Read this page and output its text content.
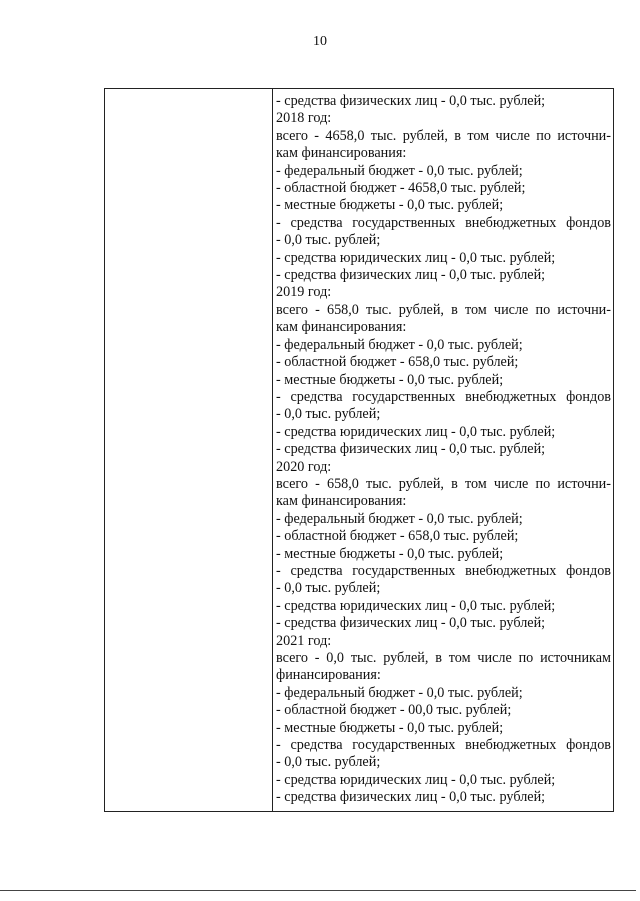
10
- средства физических лиц - 0,0 тыс. рублей;
2018 год:
всего - 4658,0 тыс. рублей, в том числе по источни-
кам финансирования:
- федеральный бюджет - 0,0 тыс. рублей;
- областной бюджет - 4658,0 тыс. рублей;
- местные бюджеты - 0,0 тыс. рублей;
- средства государственных внебюджетных фондов
- 0,0 тыс. рублей;
- средства юридических лиц - 0,0 тыс. рублей;
- средства физических лиц - 0,0 тыс. рублей;
2019 год:
всего - 658,0 тыс. рублей, в том числе по источни-
кам финансирования:
- федеральный бюджет - 0,0 тыс. рублей;
- областной бюджет - 658,0 тыс. рублей;
- местные бюджеты - 0,0 тыс. рублей;
- средства государственных внебюджетных фондов
- 0,0 тыс. рублей;
- средства юридических лиц - 0,0 тыс. рублей;
- средства физических лиц - 0,0 тыс. рублей;
2020 год:
всего - 658,0 тыс. рублей, в том числе по источни-
кам финансирования:
- федеральный бюджет - 0,0 тыс. рублей;
- областной бюджет - 658,0 тыс. рублей;
- местные бюджеты - 0,0 тыс. рублей;
- средства государственных внебюджетных фондов
- 0,0 тыс. рублей;
- средства юридических лиц - 0,0 тыс. рублей;
- средства физических лиц - 0,0 тыс. рублей;
2021 год:
всего - 0,0 тыс. рублей, в том числе по источникам
финансирования:
- федеральный бюджет - 0,0 тыс. рублей;
- областной бюджет - 00,0 тыс. рублей;
- местные бюджеты - 0,0 тыс. рублей;
- средства государственных внебюджетных фондов
- 0,0 тыс. рублей;
- средства юридических лиц - 0,0 тыс. рублей;
- средства физических лиц - 0,0 тыс. рублей;
